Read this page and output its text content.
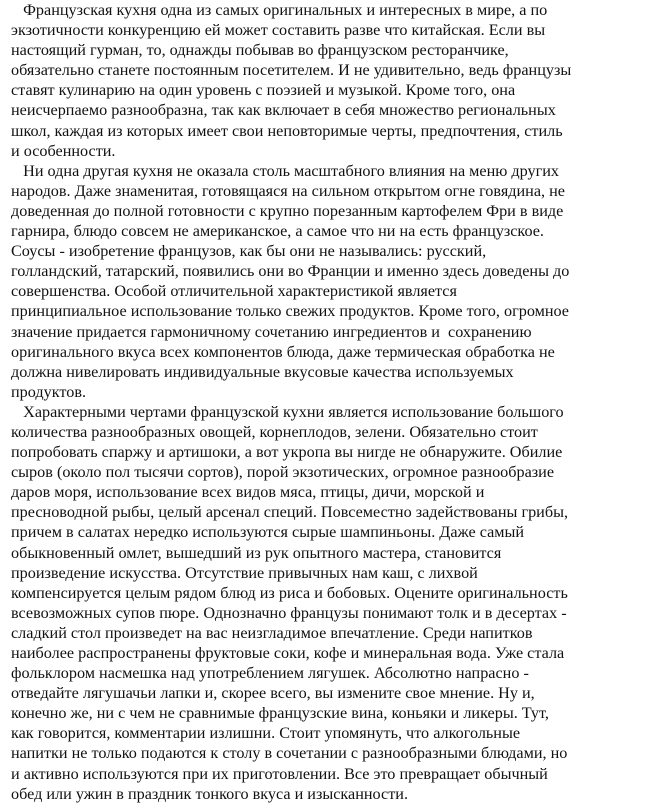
Французская кухня одна из самых оригинальных и интересных в мире, а по
экзотичности конкуренцию ей может составить разве что китайская. Если вы
настоящий гурман, то, однажды побывав во французском ресторанчике,
обязательно станете постоянным посетителем. И не удивительно, ведь французы
ставят кулинарию на один уровень с поэзией и музыкой. Кроме того, она
неисчерпаемо разнообразна, так как включает в себя множество региональных
школ, каждая из которых имеет свои неповторимые черты, предпочтения, стиль
и особенности.
Ни одна другая кухня не оказала столь масштабного влияния на меню других
народов. Даже знаменитая, готовящаяся на сильном открытом огне говядина, не
доведенная до полной готовности с крупно порезанным картофелем Фри в виде
гарнира, блюдо совсем не американское, а самое что ни на есть французское.
Соусы - изобретение французов, как бы они не назывались: русский,
голландский, татарский, появились они во Франции и именно здесь доведены до
совершенства. Особой отличительной характеристикой является
принципиальное использование только свежих продуктов. Кроме того, огромное
значение придается гармоничному сочетанию ингредиентов и  сохранению
оригинального вкуса всех компонентов блюда, даже термическая обработка не
должна нивелировать индивидуальные вкусовые качества используемых
продуктов.
Характерными чертами французской кухни является использование большого
количества разнообразных овощей, корнеплодов, зелени. Обязательно стоит
попробовать спаржу и артишоки, а вот укропа вы нигде не обнаружите. Обилие
сыров (около пол тысячи сортов), порой экзотических, огромное разнообразие
даров моря, использование всех видов мяса, птицы, дичи, морской и
пресноводной рыбы, целый арсенал специй. Повсеместно задействованы грибы,
причем в салатах нередко используются сырые шампиньоны. Даже самый
обыкновенный омлет, вышедший из рук опытного мастера, становится
произведение искусства. Отсутствие привычных нам каш, с лихвой
компенсируется целым рядом блюд из риса и бобовых. Оцените оригинальность
всевозможных супов пюре. Однозначно французы понимают толк и в десертах -
сладкий стол произведет на вас неизгладимое впечатление. Среди напитков
наиболее распространены фруктовые соки, кофе и минеральная вода. Уже стала
фольклором насмешка над употреблением лягушек. Абсолютно напрасно -
отведайте лягушачьи лапки и, скорее всего, вы измените свое мнение. Ну и,
конечно же, ни с чем не сравнимые французские вина, коньяки и ликеры. Тут,
как говорится, комментарии излишни. Стоит упомянуть, что алкогольные
напитки не только подаются к столу в сочетании с разнообразными блюдами, но
и активно используются при их приготовлении. Все это превращает обычный
обед или ужин в праздник тонкого вкуса и изысканности.
